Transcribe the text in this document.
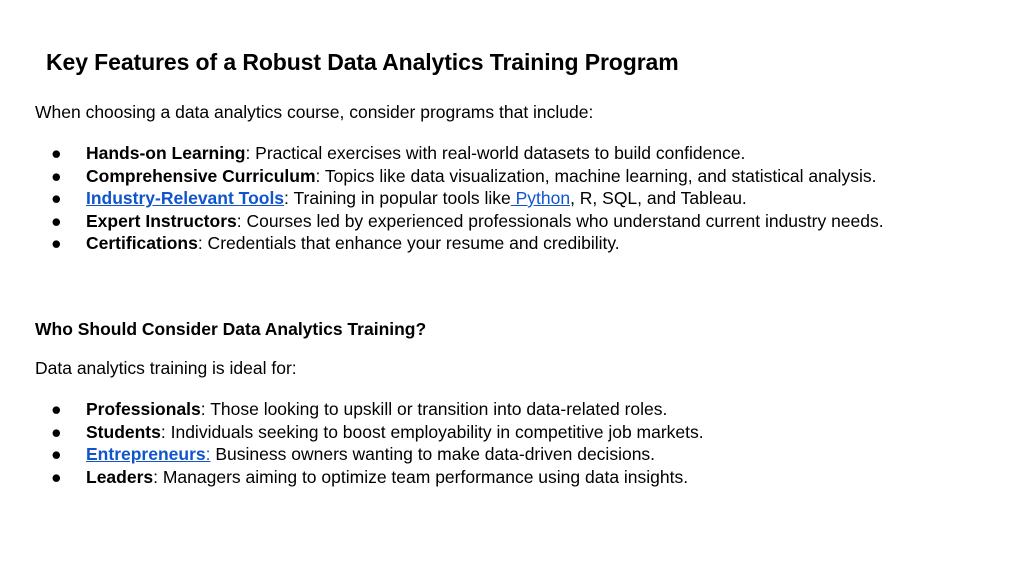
Key Features of a Robust Data Analytics Training Program
When choosing a data analytics course, consider programs that include:
● Hands-on Learning: Practical exercises with real-world datasets to build confidence.
● Comprehensive Curriculum: Topics like data visualization, machine learning, and statistical analysis.
● Industry-Relevant Tools: Training in popular tools like Python, R, SQL, and Tableau.
● Expert Instructors: Courses led by experienced professionals who understand current industry needs.
● Certifications: Credentials that enhance your resume and credibility.
Who Should Consider Data Analytics Training?
Data analytics training is ideal for:
● Professionals: Those looking to upskill or transition into data-related roles.
● Students: Individuals seeking to boost employability in competitive job markets.
● Entrepreneurs: Business owners wanting to make data-driven decisions.
● Leaders: Managers aiming to optimize team performance using data insights.
